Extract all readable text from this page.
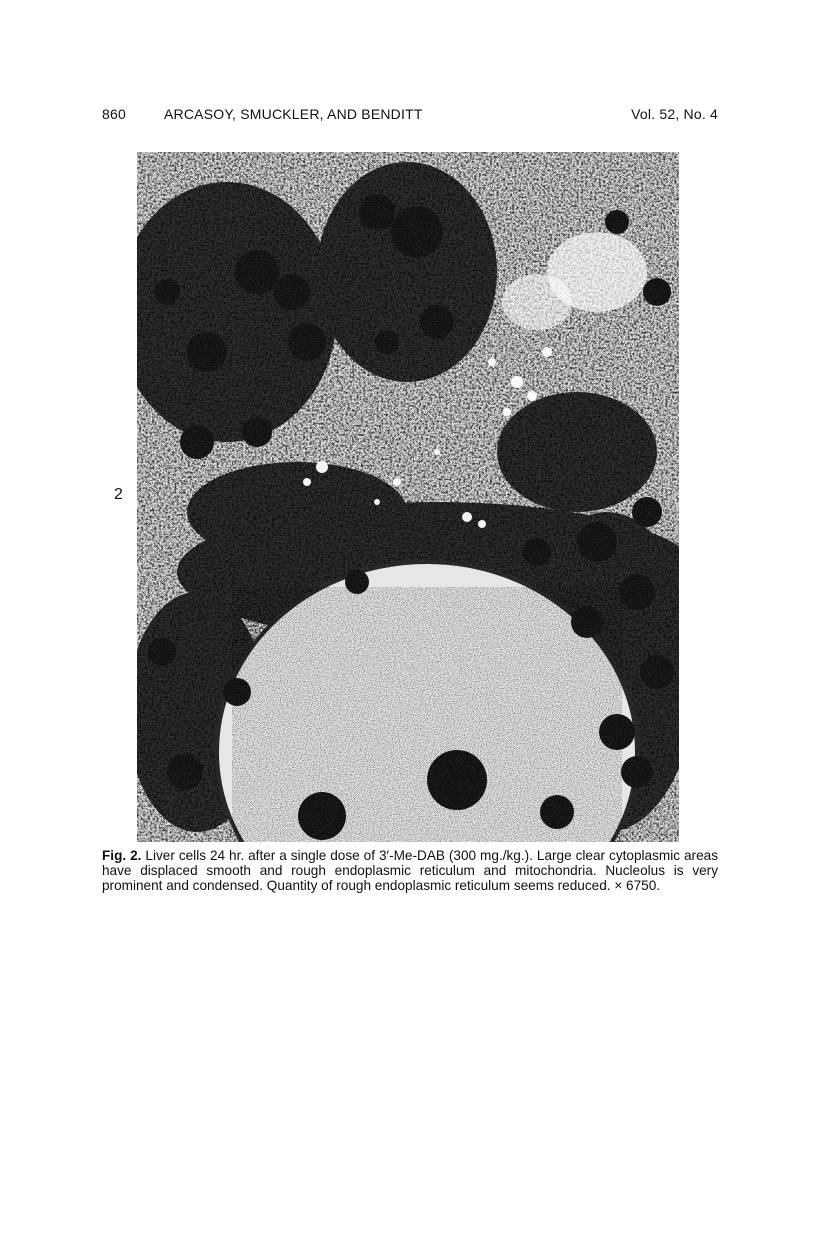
860	ARCASOY, SMUCKLER, AND BENDITT	Vol. 52, No. 4
2
Fig. 2. Liver cells 24 hr. after a single dose of 3′-Me-DAB (300 mg./kg.). Large clear cytoplasmic areas have displaced smooth and rough endoplasmic reticulum and mitochondria. Nucleolus is very prominent and condensed. Quantity of rough endoplasmic reticulum seems reduced. × 6750.
